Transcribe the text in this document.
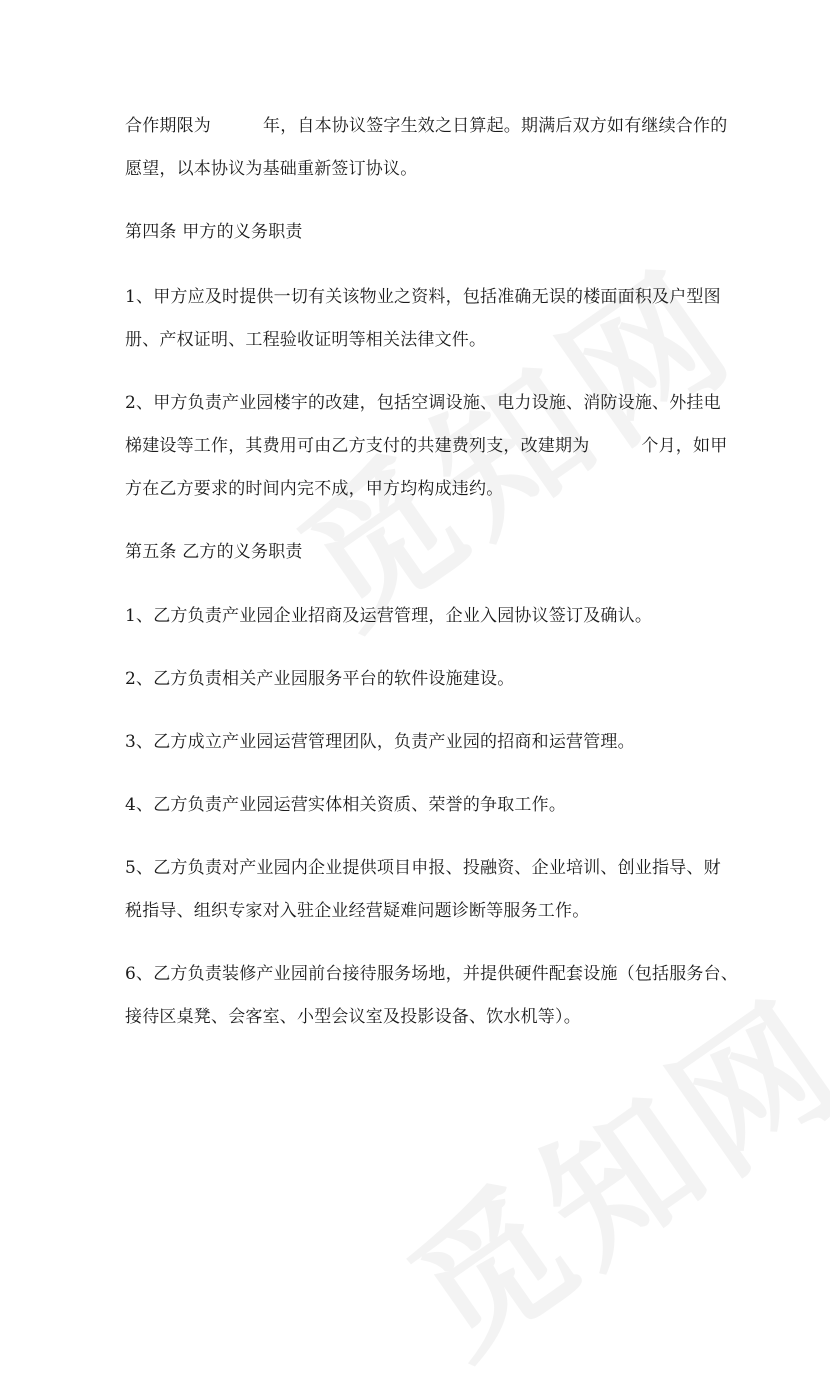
合作期限为	年，自本协议签字生效之日算起。期满后双方如有继续合作的
愿望，以本协议为基础重新签订协议。
第四条 甲方的义务职责
1、甲方应及时提供一切有关该物业之资料，包括准确无误的楼面面积及户型图
册、产权证明、工程验收证明等相关法律文件。
2、甲方负责产业园楼宇的改建，包括空调设施、电力设施、消防设施、外挂电
梯建设等工作，其费用可由乙方支付的共建费列支，改建期为	个月，如甲
方在乙方要求的时间内完不成，甲方均构成违约。
第五条 乙方的义务职责
1、乙方负责产业园企业招商及运营管理，企业入园协议签订及确认。
2、乙方负责相关产业园服务平台的软件设施建设。
3、乙方成立产业园运营管理团队，负责产业园的招商和运营管理。
4、乙方负责产业园运营实体相关资质、荣誉的争取工作。
5、乙方负责对产业园内企业提供项目申报、投融资、企业培训、创业指导、财
税指导、组织专家对入驻企业经营疑难问题诊断等服务工作。
6、乙方负责装修产业园前台接待服务场地，并提供硬件配套设施（包括服务台、
接待区桌凳、会客室、小型会议室及投影设备、饮水机等）。
